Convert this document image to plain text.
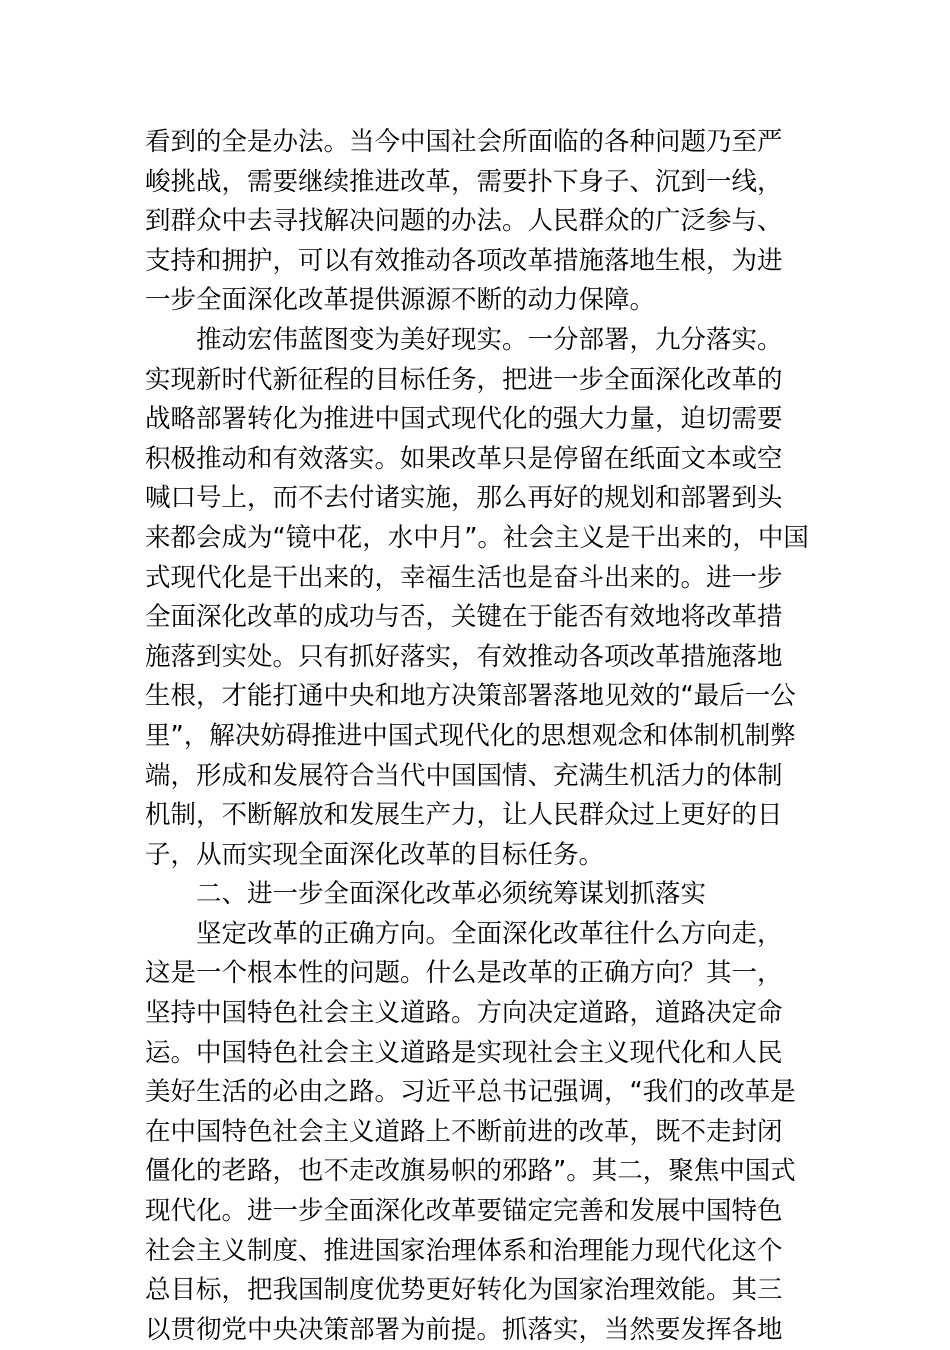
看到的全是办法。当今中国社会所面临的各种问题乃至严
峻挑战，需要继续推进改革，需要扑下身子、沉到一线，
到群众中去寻找解决问题的办法。人民群众的广泛参与、
支持和拥护，可以有效推动各项改革措施落地生根，为进
一步全面深化改革提供源源不断的动力保障。
推动宏伟蓝图变为美好现实。一分部署，九分落实。
实现新时代新征程的目标任务，把进一步全面深化改革的
战略部署转化为推进中国式现代化的强大力量，迫切需要
积极推动和有效落实。如果改革只是停留在纸面文本或空
喊口号上，而不去付诸实施，那么再好的规划和部署到头
来都会成为“镜中花，水中月”。社会主义是干出来的，中国
式现代化是干出来的，幸福生活也是奋斗出来的。进一步
全面深化改革的成功与否，关键在于能否有效地将改革措
施落到实处。只有抓好落实，有效推动各项改革措施落地
生根，才能打通中央和地方决策部署落地见效的“最后一公
里”，解决妨碍推进中国式现代化的思想观念和体制机制弊
端，形成和发展符合当代中国国情、充满生机活力的体制
机制，不断解放和发展生产力，让人民群众过上更好的日
子，从而实现全面深化改革的目标任务。
二、进一步全面深化改革必须统筹谋划抓落实
坚定改革的正确方向。全面深化改革往什么方向走，
这是一个根本性的问题。什么是改革的正确方向？其一，
坚持中国特色社会主义道路。方向决定道路，道路决定命
运。中国特色社会主义道路是实现社会主义现代化和人民
美好生活的必由之路。习近平总书记强调，“我们的改革是
在中国特色社会主义道路上不断前进的改革，既不走封闭
僵化的老路，也不走改旗易帜的邪路”。其二，聚焦中国式
现代化。进一步全面深化改革要锚定完善和发展中国特色
社会主义制度、推进国家治理体系和治理能力现代化这个
总目标，把我国制度优势更好转化为国家治理效能。其三
以贯彻党中央决策部署为前提。抓落实，当然要发挥各地
